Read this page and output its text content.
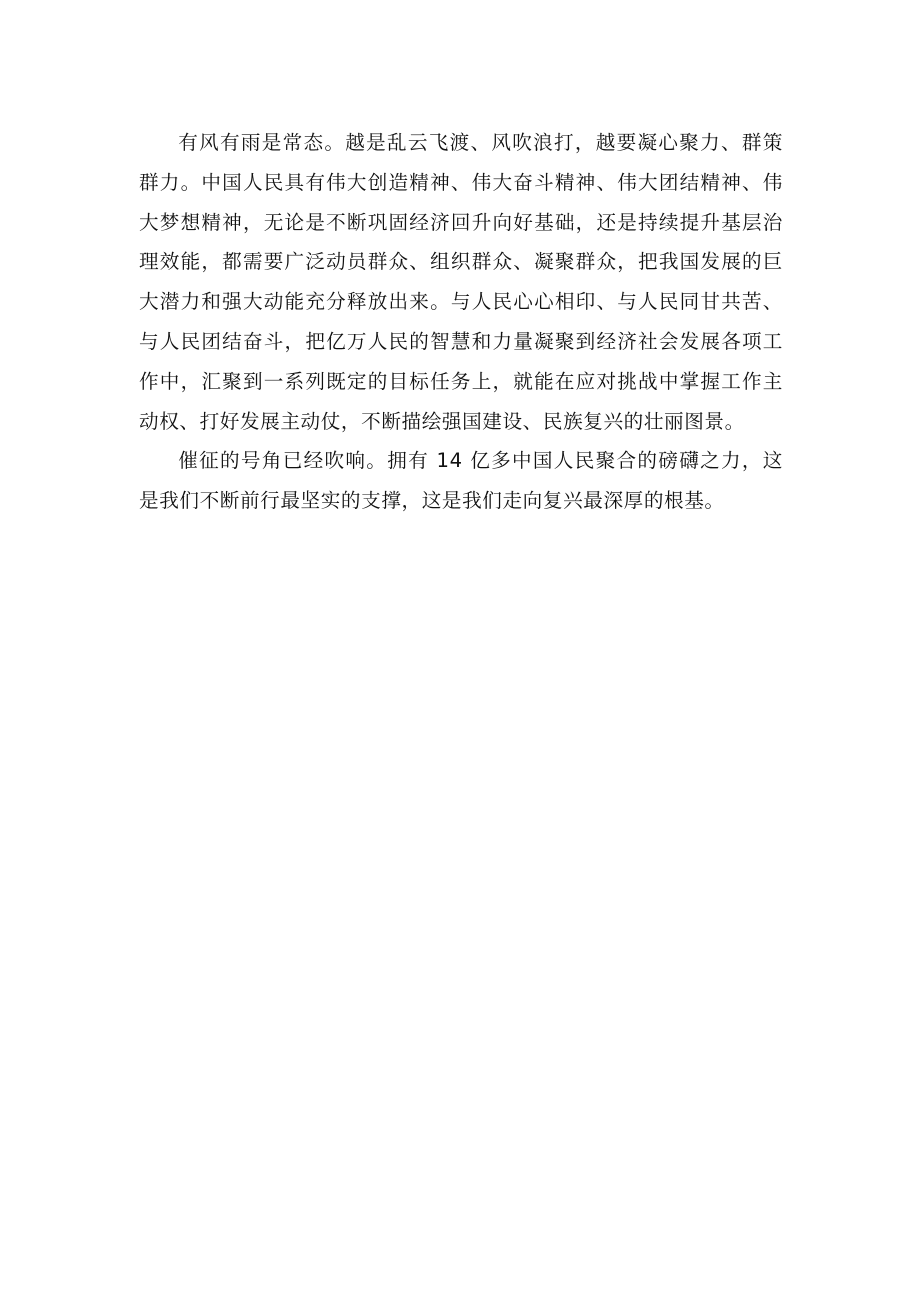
有风有雨是常态。越是乱云飞渡、风吹浪打，越要凝心聚力、群策群力。中国人民具有伟大创造精神、伟大奋斗精神、伟大团结精神、伟大梦想精神，无论是不断巩固经济回升向好基础，还是持续提升基层治理效能，都需要广泛动员群众、组织群众、凝聚群众，把我国发展的巨大潜力和强大动能充分释放出来。与人民心心相印、与人民同甘共苦、与人民团结奋斗，把亿万人民的智慧和力量凝聚到经济社会发展各项工作中，汇聚到一系列既定的目标任务上，就能在应对挑战中掌握工作主动权、打好发展主动仗，不断描绘强国建设、民族复兴的壮丽图景。

催征的号角已经吹响。拥有 14 亿多中国人民聚合的磅礴之力，这是我们不断前行最坚实的支撑，这是我们走向复兴最深厚的根基。
